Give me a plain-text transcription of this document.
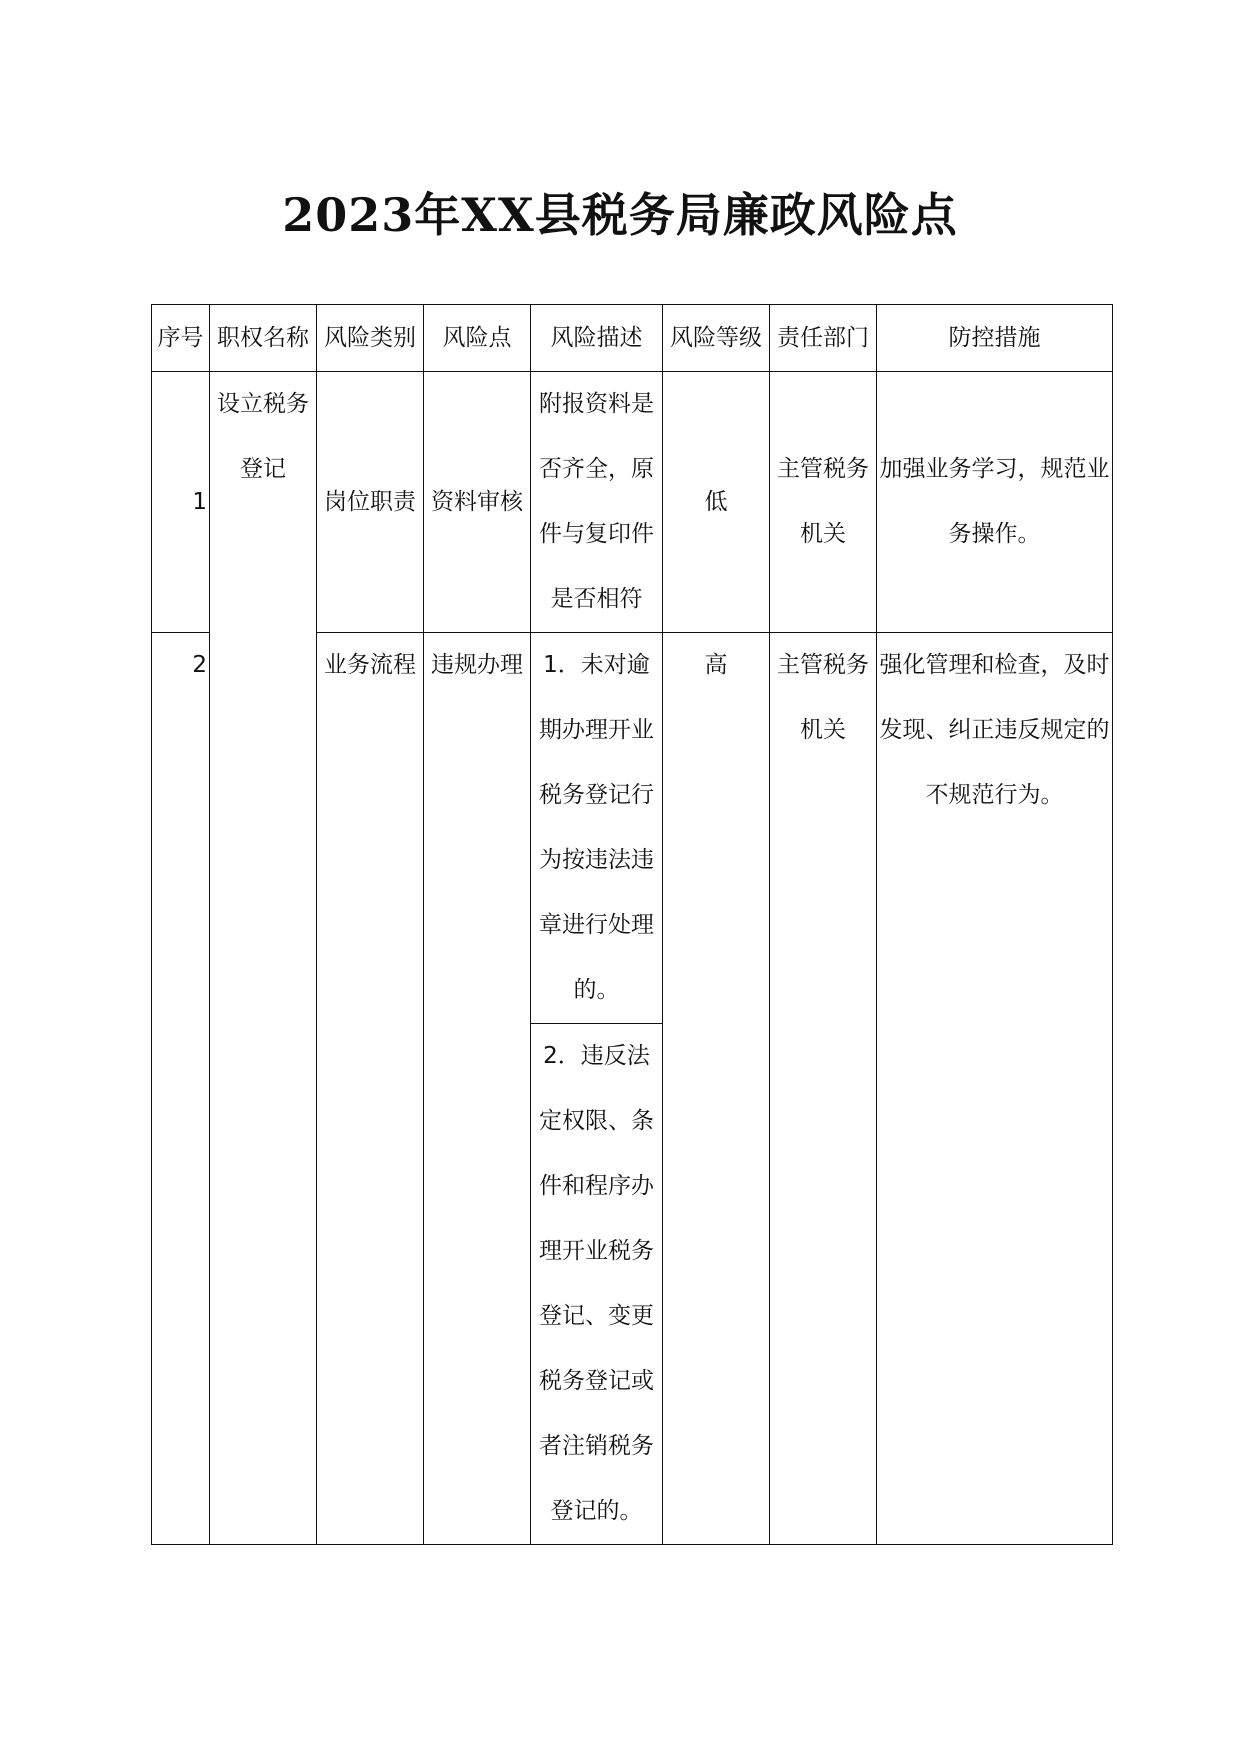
2023年XX县税务局廉政风险点
序号	职权名称	风险类别	风险点	风险描述	风险等级	责任部门	防控措施
1	设立税务登记	岗位职责	资料审核	附报资料是否齐全，原件与复印件是否相符	低	主管税务机关	加强业务学习，规范业务操作。
2		业务流程	违规办理	1．未对逾期办理开业税务登记行为按违法违章进行处理的。	高	主管税务机关	强化管理和检查，及时发现、纠正违反规定的不规范行为。
				2．违反法定权限、条件和程序办理开业税务登记、变更税务登记或者注销税务登记的。			
